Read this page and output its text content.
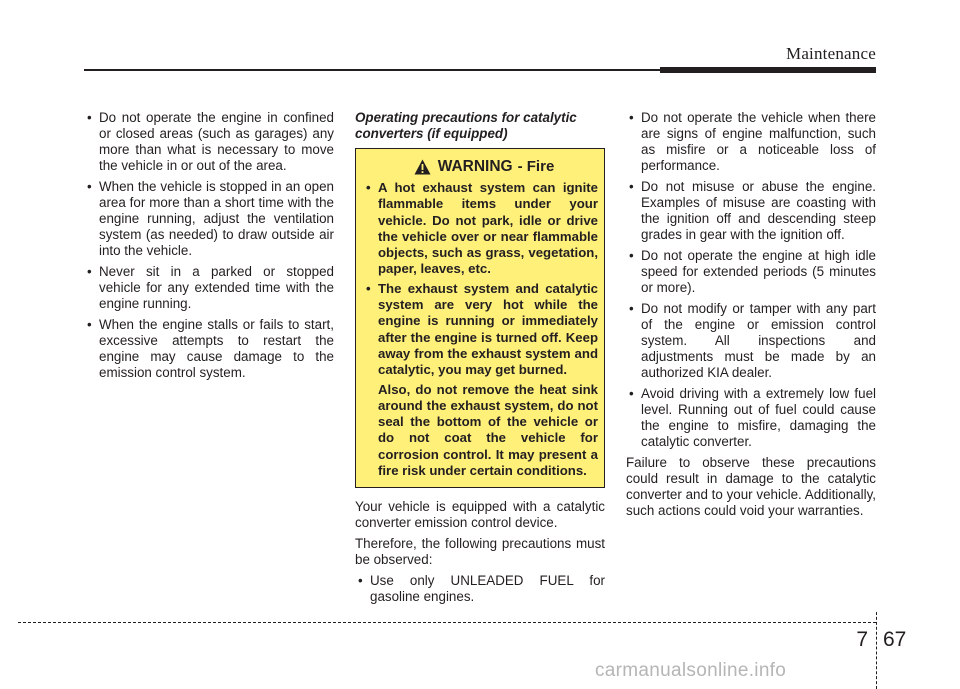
Maintenance
• Do not operate the engine in confined or closed areas (such as garages) any more than what is necessary to move the vehicle in or out of the area.
• When the vehicle is stopped in an open area for more than a short time with the engine running, adjust the ventilation system (as needed) to draw outside air into the vehicle.
• Never sit in a parked or stopped vehicle for any extended time with the engine running.
• When the engine stalls or fails to start, excessive attempts to restart the engine may cause damage to the emission control system.
Operating precautions for catalytic converters (if equipped)
WARNING - Fire
• A hot exhaust system can ignite flammable items under your vehicle. Do not park, idle or drive the vehicle over or near flammable objects, such as grass, vegetation, paper, leaves, etc.
• The exhaust system and catalytic system are very hot while the engine is running or immediately after the engine is turned off. Keep away from the exhaust system and catalytic, you may get burned.

Also, do not remove the heat sink around the exhaust system, do not seal the bottom of the vehicle or do not coat the vehicle for corrosion control. It may present a fire risk under certain conditions.

Your vehicle is equipped with a catalytic converter emission control device.

Therefore, the following precautions must be observed:

• Use only UNLEADED FUEL for gasoline engines.
• Do not operate the vehicle when there are signs of engine malfunction, such as misfire or a noticeable loss of performance.
• Do not misuse or abuse the engine. Examples of misuse are coasting with the ignition off and descending steep grades in gear with the ignition off.
• Do not operate the engine at high idle speed for extended periods (5 minutes or more).
• Do not modify or tamper with any part of the engine or emission control system. All inspections and adjustments must be made by an authorized KIA dealer.
• Avoid driving with a extremely low fuel level. Running out of fuel could cause the engine to misfire, damaging the catalytic converter.

Failure to observe these precautions could result in damage to the catalytic converter and to your vehicle. Additionally, such actions could void your warranties.

7 67
carmanualsonline.info
